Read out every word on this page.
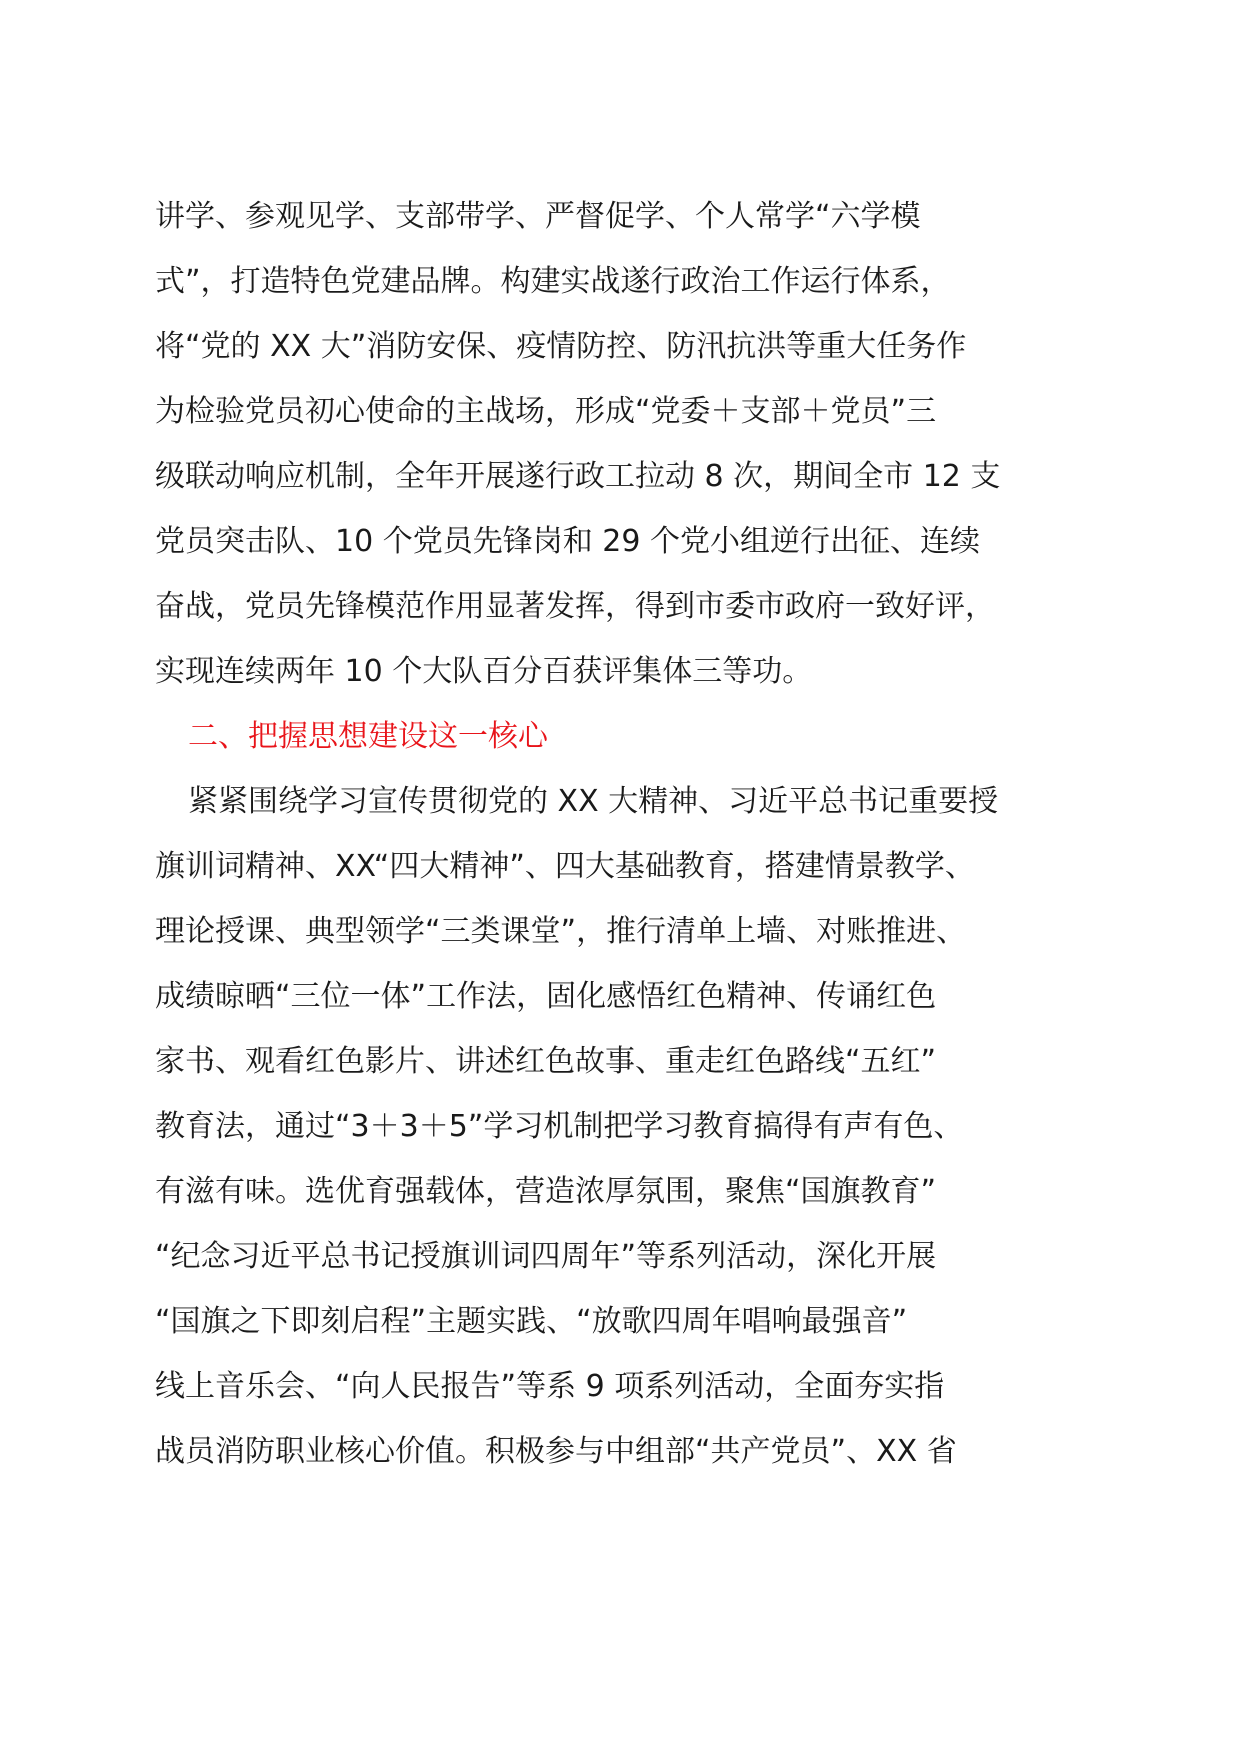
讲学、参观见学、支部带学、严督促学、个人常学“六学模
式”，打造特色党建品牌。构建实战遂行政治工作运行体系，
将“党的 XX 大”消防安保、疫情防控、防汛抗洪等重大任务作
为检验党员初心使命的主战场，形成“党委＋支部＋党员”三
级联动响应机制，全年开展遂行政工拉动 8 次，期间全市 12 支
党员突击队、10 个党员先锋岗和 29 个党小组逆行出征、连续
奋战，党员先锋模范作用显著发挥，得到市委市政府一致好评，
实现连续两年 10 个大队百分百获评集体三等功。
二、把握思想建设这一核心
紧紧围绕学习宣传贯彻党的 XX 大精神、习近平总书记重要授
旗训词精神、XX“四大精神”、四大基础教育，搭建情景教学、
理论授课、典型领学“三类课堂”，推行清单上墙、对账推进、
成绩晾晒“三位一体”工作法，固化感悟红色精神、传诵红色
家书、观看红色影片、讲述红色故事、重走红色路线“五红”
教育法，通过“3＋3＋5”学习机制把学习教育搞得有声有色、
有滋有味。选优育强载体，营造浓厚氛围，聚焦“国旗教育”
“纪念习近平总书记授旗训词四周年”等系列活动，深化开展
“国旗之下即刻启程”主题实践、“放歌四周年唱响最强音”
线上音乐会、“向人民报告”等系 9 项系列活动，全面夯实指
战员消防职业核心价值。积极参与中组部“共产党员”、XX 省
